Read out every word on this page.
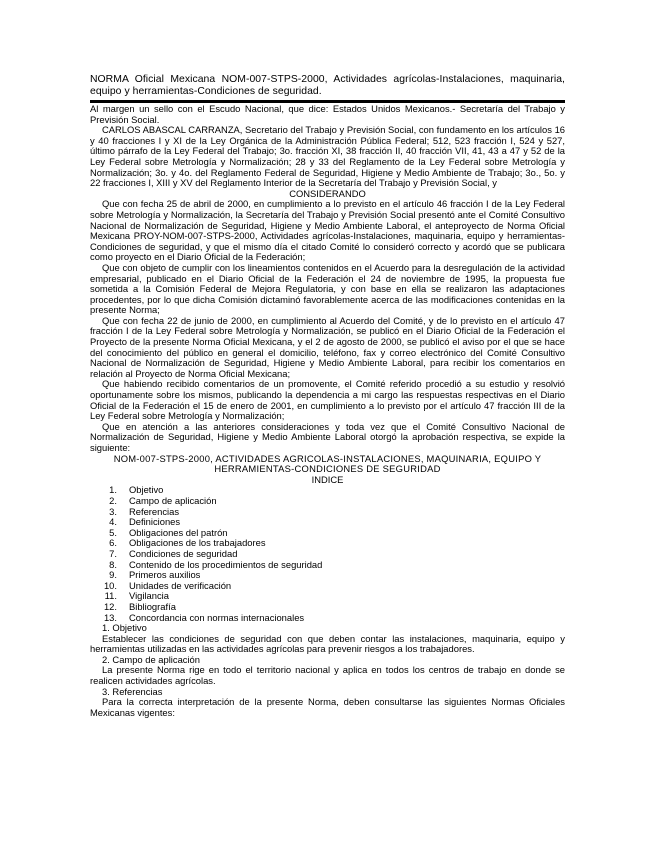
NORMA Oficial Mexicana NOM-007-STPS-2000, Actividades agrícolas-Instalaciones, maquinaria, equipo y herramientas-Condiciones de seguridad.

Al margen un sello con el Escudo Nacional, que dice: Estados Unidos Mexicanos.- Secretaría del Trabajo y Previsión Social.

CARLOS ABASCAL CARRANZA, Secretario del Trabajo y Previsión Social, con fundamento en los artículos 16 y 40 fracciones I y XI de la Ley Orgánica de la Administración Pública Federal; 512, 523 fracción I, 524 y 527, último párrafo de la Ley Federal del Trabajo; 3o. fracción XI, 38 fracción II, 40 fracción VII, 41, 43 a 47 y 52 de la Ley Federal sobre Metrología y Normalización; 28 y 33 del Reglamento de la Ley Federal sobre Metrología y Normalización; 3o. y 4o. del Reglamento Federal de Seguridad, Higiene y Medio Ambiente de Trabajo; 3o., 5o. y 22 fracciones I, XIII y XV del Reglamento Interior de la Secretaría del Trabajo y Previsión Social, y

CONSIDERANDO

Que con fecha 25 de abril de 2000, en cumplimiento a lo previsto en el artículo 46 fracción I de la Ley Federal sobre Metrología y Normalización, la Secretaría del Trabajo y Previsión Social presentó ante el Comité Consultivo Nacional de Normalización de Seguridad, Higiene y Medio Ambiente Laboral, el anteproyecto de Norma Oficial Mexicana PROY-NOM-007-STPS-2000, Actividades agrícolas-Instalaciones, maquinaria, equipo y herramientas-Condiciones de seguridad, y que el mismo día el citado Comité lo consideró correcto y acordó que se publicara como proyecto en el Diario Oficial de la Federación;

Que con objeto de cumplir con los lineamientos contenidos en el Acuerdo para la desregulación de la actividad empresarial, publicado en el Diario Oficial de la Federación el 24 de noviembre de 1995, la propuesta fue sometida a la Comisión Federal de Mejora Regulatoria, y con base en ella se realizaron las adaptaciones procedentes, por lo que dicha Comisión dictaminó favorablemente acerca de las modificaciones contenidas en la presente Norma;

Que con fecha 22 de junio de 2000, en cumplimiento al Acuerdo del Comité, y de lo previsto en el artículo 47 fracción I de la Ley Federal sobre Metrología y Normalización, se publicó en el Diario Oficial de la Federación el Proyecto de la presente Norma Oficial Mexicana, y el 2 de agosto de 2000, se publicó el aviso por el que se hace del conocimiento del público en general el domicilio, teléfono, fax y correo electrónico del Comité Consultivo Nacional de Normalización de Seguridad, Higiene y Medio Ambiente Laboral, para recibir los comentarios en relación al Proyecto de Norma Oficial Mexicana;

Que habiendo recibido comentarios de un promovente, el Comité referido procedió a su estudio y resolvió oportunamente sobre los mismos, publicando la dependencia a mi cargo las respuestas respectivas en el Diario Oficial de la Federación el 15 de enero de 2001, en cumplimiento a lo previsto por el artículo 47 fracción III de la Ley Federal sobre Metrología y Normalización;

Que en atención a las anteriores consideraciones y toda vez que el Comité Consultivo Nacional de Normalización de Seguridad, Higiene y Medio Ambiente Laboral otorgó la aprobación respectiva, se expide la siguiente:

NOM-007-STPS-2000, ACTIVIDADES AGRICOLAS-INSTALACIONES, MAQUINARIA, EQUIPO Y
HERRAMIENTAS-CONDICIONES DE SEGURIDAD
INDICE
1. Objetivo
2. Campo de aplicación
3. Referencias
4. Definiciones
5. Obligaciones del patrón
6. Obligaciones de los trabajadores
7. Condiciones de seguridad
8. Contenido de los procedimientos de seguridad
9. Primeros auxilios
10. Unidades de verificación
11. Vigilancia
12. Bibliografía
13. Concordancia con normas internacionales
1. Objetivo

Establecer las condiciones de seguridad con que deben contar las instalaciones, maquinaria, equipo y herramientas utilizadas en las actividades agrícolas para prevenir riesgos a los trabajadores.

2. Campo de aplicación

La presente Norma rige en todo el territorio nacional y aplica en todos los centros de trabajo en donde se realicen actividades agrícolas.

3. Referencias

Para la correcta interpretación de la presente Norma, deben consultarse las siguientes Normas Oficiales Mexicanas vigentes:
